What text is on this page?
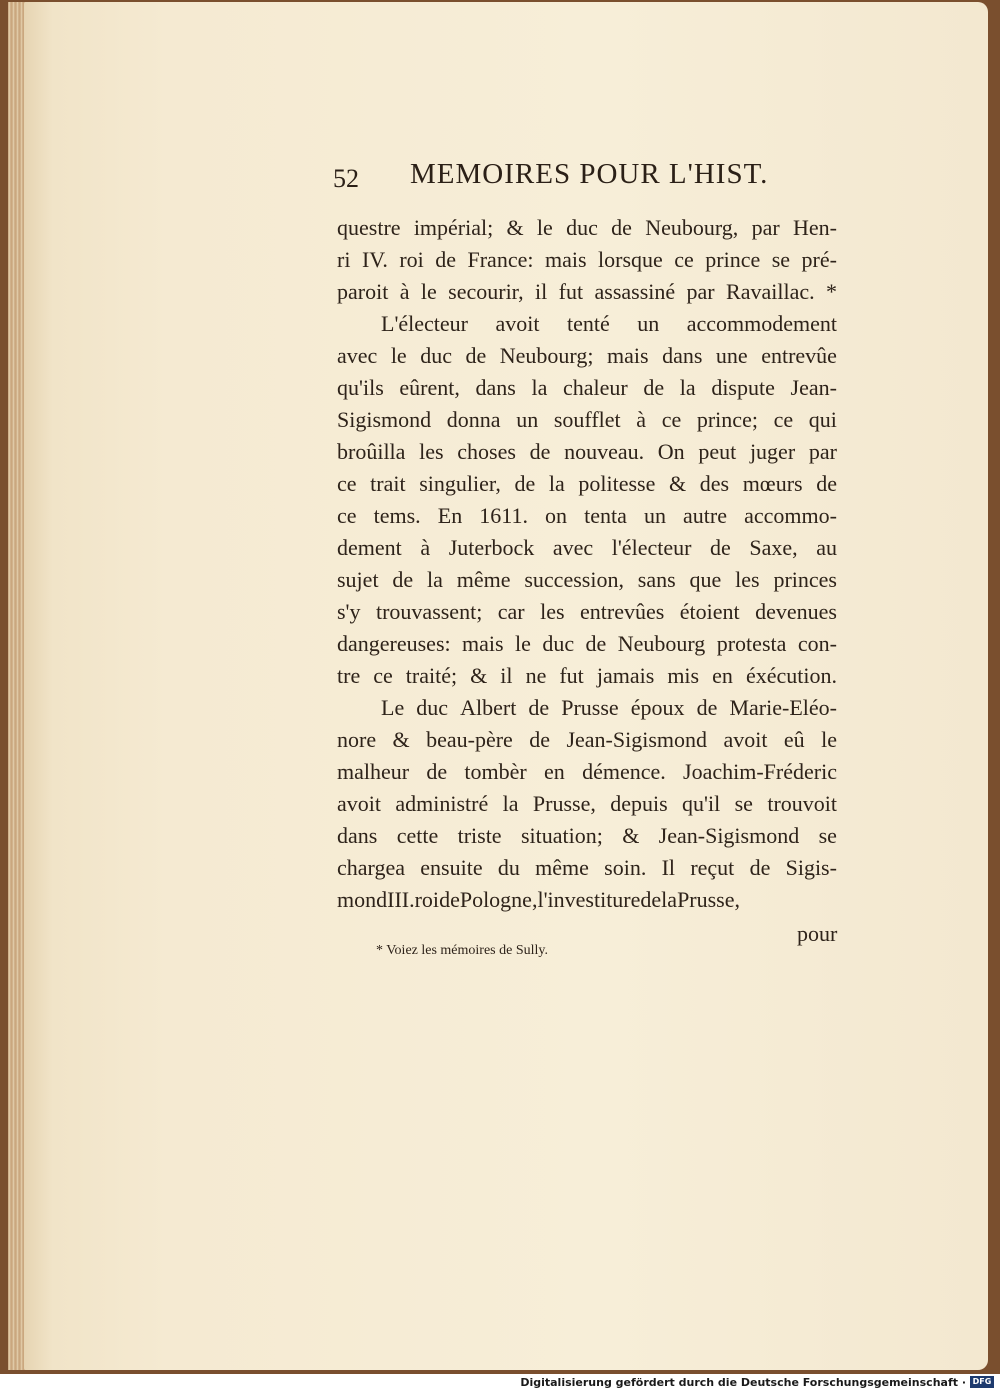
52 MEMOIRES POUR L'HIST.
questre impérial; & le duc de Neubourg, par Hen-
ri IV. roi de France: mais lorsque ce prince se pré-
paroit à le secourir, il fut assassiné par Ravaillac. *
L'électeur avoit tenté un accommodement
avec le duc de Neubourg; mais dans une entrevûe
qu'ils eûrent, dans la chaleur de la dispute Jean-
Sigismond donna un soufflet à ce prince; ce qui
broûilla les choses de nouveau. On peut juger par
ce trait singulier, de la politesse & des mœurs de
ce tems. En 1611. on tenta un autre accommo-
dement à Juterbock avec l'électeur de Saxe, au
sujet de la même succession, sans que les princes
s'y trouvassent; car les entrevûes étoient devenues
dangereuses: mais le duc de Neubourg protesta con-
tre ce traité; & il ne fut jamais mis en éxécution.
Le duc Albert de Prusse époux de Marie-Eléo-
nore & beau-père de Jean-Sigismond avoit eû le
malheur de tombèr en démence. Joachim-Fréderic
avoit administré la Prusse, depuis qu'il se trouvoit
dans cette triste situation; & Jean-Sigismond se
chargea ensuite du même soin. Il reçut de Sigis-
mond III. roi de Pologne, l'investiture de la Prusse,
pour
* Voiez les mémoires de Sully.
Digitalisierung gefördert durch die Deutsche Forschungsgemeinschaft · DFG
